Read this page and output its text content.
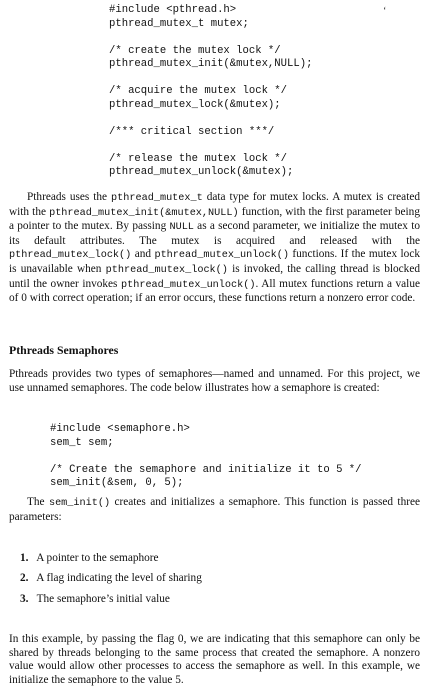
‘
#include <pthread.h>
pthread_mutex_t mutex;

/* create the mutex lock */
pthread_mutex_init(&mutex,NULL);

/* acquire the mutex lock */
pthread_mutex_lock(&mutex);

/*** critical section ***/

/* release the mutex lock */
pthread_mutex_unlock(&mutex);

Pthreads uses the pthread_mutex_t data type for mutex locks. A mutex is created with the pthread_mutex_init(&mutex,NULL) function, with the first parameter being a pointer to the mutex. By passing NULL as a second parameter, we initialize the mutex to its default attributes. The mutex is acquired and released with the pthread_mutex_lock() and pthread_mutex_unlock() functions. If the mutex lock is unavailable when pthread_mutex_lock() is invoked, the calling thread is blocked until the owner invokes pthread_mutex_unlock(). All mutex functions return a value of 0 with correct operation; if an error occurs, these functions return a nonzero error code.

Pthreads Semaphores

Pthreads provides two types of semaphores—named and unnamed. For this project, we use unnamed semaphores. The code below illustrates how a semaphore is created:

#include <semaphore.h>
sem_t sem;

/* Create the semaphore and initialize it to 5 */
sem_init(&sem, 0, 5);

The sem_init() creates and initializes a semaphore. This function is passed three parameters:

1. A pointer to the semaphore
2. A flag indicating the level of sharing
3. The semaphore’s initial value

In this example, by passing the flag 0, we are indicating that this semaphore can only be shared by threads belonging to the same process that created the semaphore. A nonzero value would allow other processes to access the semaphore as well. In this example, we initialize the semaphore to the value 5.
